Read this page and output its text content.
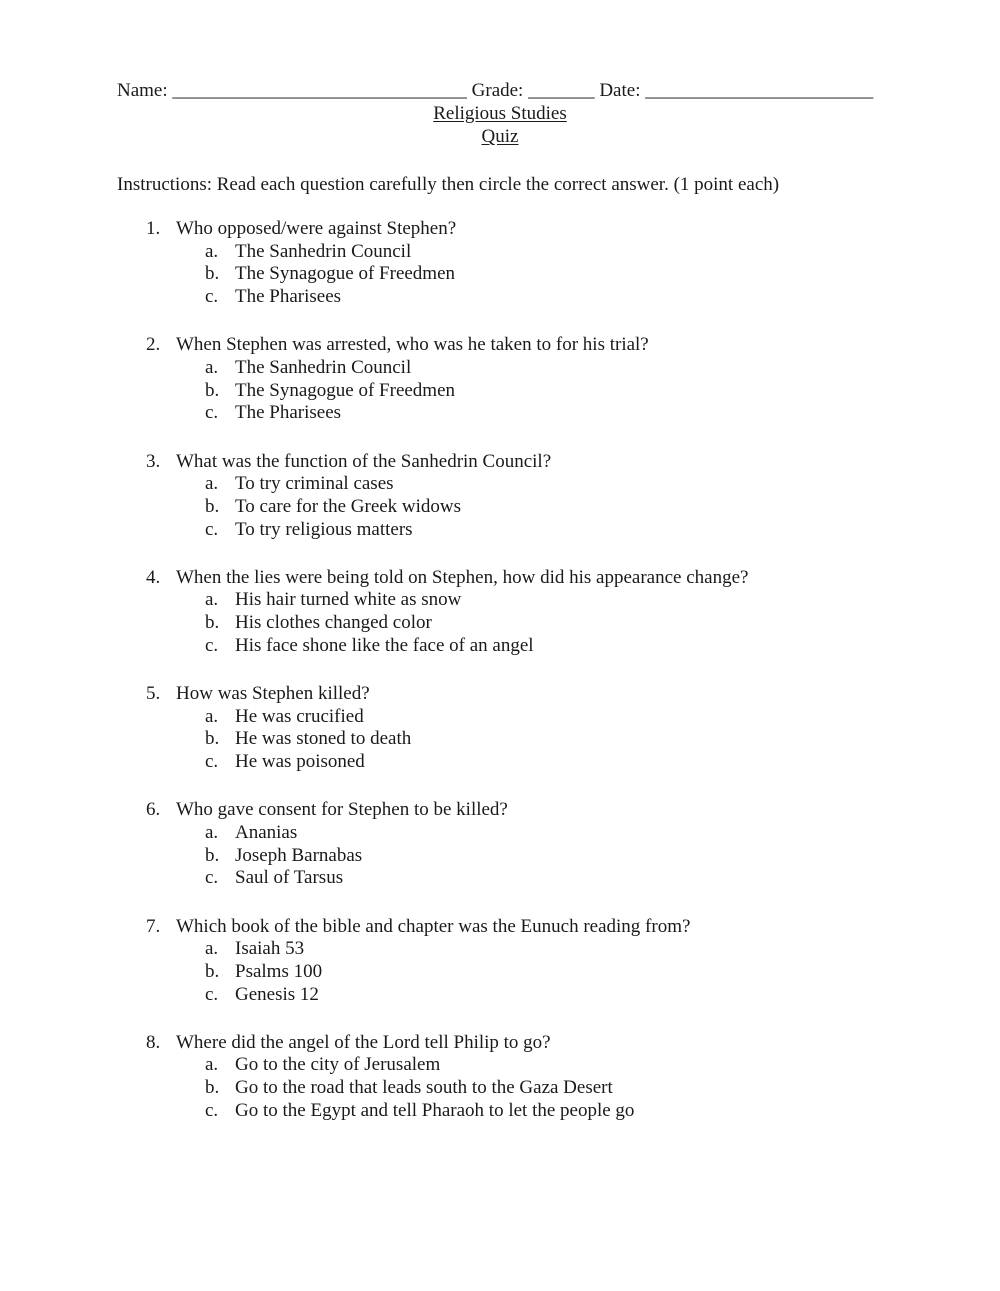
Name: _______________________________ Grade: _______ Date: ________________________
Religious Studies
Quiz
Instructions: Read each question carefully then circle the correct answer. (1 point each)
1. Who opposed/were against Stephen?
a. The Sanhedrin Council
b. The Synagogue of Freedmen
c. The Pharisees
2. When Stephen was arrested, who was he taken to for his trial?
a. The Sanhedrin Council
b. The Synagogue of Freedmen
c. The Pharisees
3. What was the function of the Sanhedrin Council?
a. To try criminal cases
b. To care for the Greek widows
c. To try religious matters
4. When the lies were being told on Stephen, how did his appearance change?
a. His hair turned white as snow
b. His clothes changed color
c. His face shone like the face of an angel
5. How was Stephen killed?
a. He was crucified
b. He was stoned to death
c. He was poisoned
6. Who gave consent for Stephen to be killed?
a. Ananias
b. Joseph Barnabas
c. Saul of Tarsus
7. Which book of the bible and chapter was the Eunuch reading from?
a. Isaiah 53
b. Psalms 100
c. Genesis 12
8. Where did the angel of the Lord tell Philip to go?
a. Go to the city of Jerusalem
b. Go to the road that leads south to the Gaza Desert
c. Go to the Egypt and tell Pharaoh to let the people go
